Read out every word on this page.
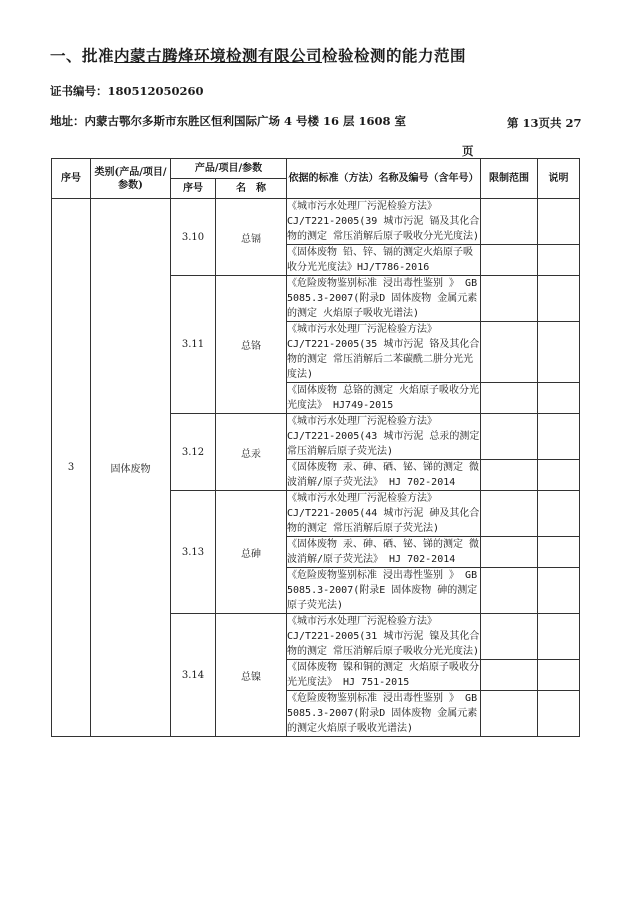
一、批准内蒙古腾烽环境检测有限公司检验检测的能力范围
证书编号：180512050260
地址：内蒙古鄂尔多斯市东胜区恒利国际广场 4 号楼 16 层 1608 室	第 13页共 27
页
序号	类别(产品/项目/参数)	产品/项目/参数		依据的标准（方法）名称及编号（含年号）	限制范围	说明
		序号	名　称			
3	固体废物	3.10	总镉	《城市污水处理厂污泥检验方法》CJ/T221-2005(39 城市污泥 镉及其化合物的测定 常压消解后原子吸收分光光度法)		
				《固体废物 铅、锌、镉的测定火焰原子吸收分光光度法》HJ/T786-2016		
		3.11	总铬	《危险废物鉴别标准 浸出毒性鉴别 》 GB 5085.3-2007(附录D 固体废物 金属元素的测定 火焰原子吸收光谱法)		
				《城市污水处理厂污泥检验方法》CJ/T221-2005(35 城市污泥 铬及其化合物的测定 常压消解后二苯碳酰二肼分光光度法)		
				《固体废物 总铬的测定 火焰原子吸收分光光度法》 HJ749-2015		
		3.12	总汞	《城市污水处理厂污泥检验方法》CJ/T221-2005(43 城市污泥 总汞的测定 常压消解后原子荧光法)		
				《固体废物 汞、砷、硒、铋、锑的测定 微波消解/原子荧光法》 HJ 702-2014		
		3.13	总砷	《城市污水处理厂污泥检验方法》CJ/T221-2005(44 城市污泥 砷及其化合物的测定 常压消解后原子荧光法)		
				《固体废物 汞、砷、硒、铋、锑的测定 微波消解/原子荧光法》 HJ 702-2014		
				《危险废物鉴别标准 浸出毒性鉴别 》 GB 5085.3-2007(附录E 固体废物 砷的测定原子荧光法)		
		3.14	总镍	《城市污水处理厂污泥检验方法》CJ/T221-2005(31 城市污泥 镍及其化合物的测定 常压消解后原子吸收分光光度法)		
				《固体废物 镍和铜的测定 火焰原子吸收分光光度法》 HJ 751-2015		
				《危险废物鉴别标准 浸出毒性鉴别 》 GB 5085.3-2007(附录D 固体废物 金属元素的测定火焰原子吸收光谱法)		
